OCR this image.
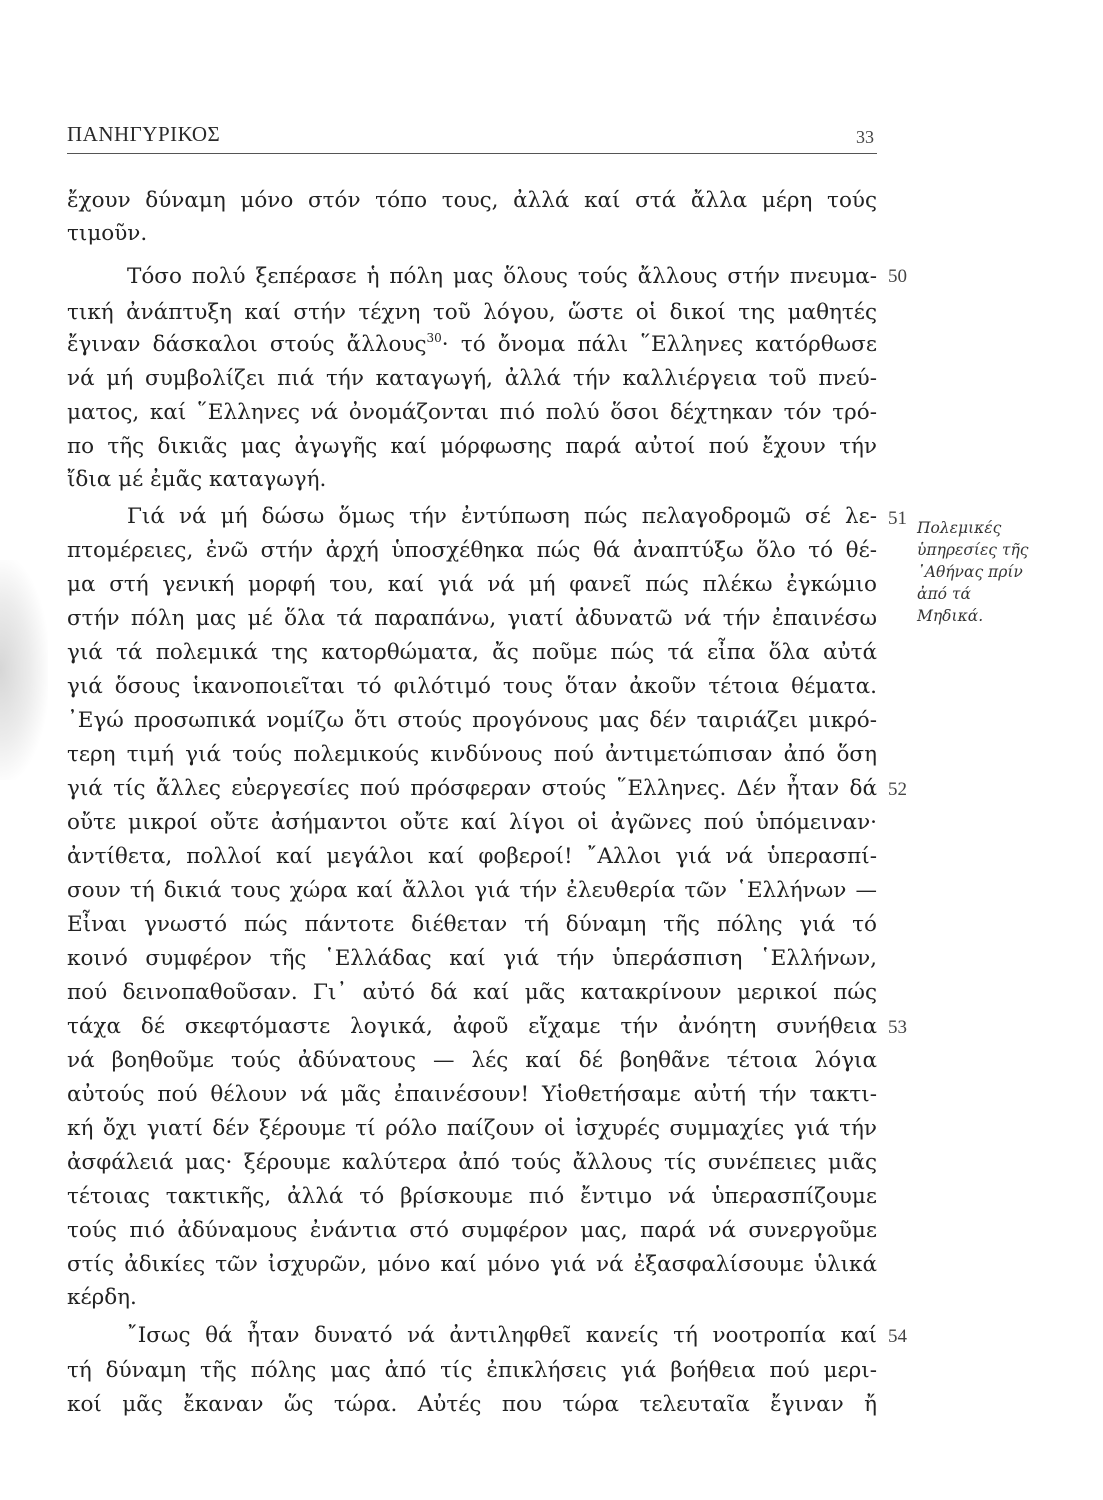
ΠΑΝΗΓΥΡΙΚΟΣ	33
ἔχουν δύναμη μόνο στόν τόπο τους, ἀλλά καί στά ἄλλα μέρη τούς
τιμοῦν.
Τόσο πολύ ξεπέρασε ἡ πόλη μας ὅλους τούς ἄλλους στήν πνευμα-
τική ἀνάπτυξη καί στήν τέχνη τοῦ λόγου, ὥστε οἱ δικοί της μαθητές
ἔγιναν δάσκαλοι στούς ἄλλους$^{30}$· τό ὄνομα πάλι ῞Ελληνες κατόρθωσε
νά μή συμβολίζει πιά τήν καταγωγή, ἀλλά τήν καλλιέργεια τοῦ πνεύ-
ματος, καί ῞Ελληνες νά ὀνομάζονται πιό πολύ ὅσοι δέχτηκαν τόν τρό-
πο τῆς δικιᾶς μας ἀγωγῆς καί μόρφωσης παρά αὐτοί πού ἔχουν τήν
ἴδια μέ ἐμᾶς καταγωγή.
Γιά νά μή δώσω ὅμως τήν ἐντύπωση πώς πελαγοδρομῶ σέ λε-
πτομέρειες, ἐνῶ στήν ἀρχή ὑποσχέθηκα πώς θά ἀναπτύξω ὅλο τό θέ-
μα στή γενική μορφή του, καί γιά νά μή φανεῖ πώς πλέκω ἐγκώμιο
στήν πόλη μας μέ ὅλα τά παραπάνω, γιατί ἀδυνατῶ νά τήν ἐπαινέσω
γιά τά πολεμικά της κατορθώματα, ἄς ποῦμε πώς τά εἶπα ὅλα αὐτά
γιά ὅσους ἱκανοποιεῖται τό φιλότιμό τους ὅταν ἀκοῦν τέτοια θέματα.
᾿Εγώ προσωπικά νομίζω ὅτι στούς προγόνους μας δέν ταιριάζει μικρό-
τερη τιμή γιά τούς πολεμικούς κινδύνους πού ἀντιμετώπισαν ἀπό ὅση
γιά τίς ἄλλες εὐεργεσίες πού πρόσφεραν στούς ῞Ελληνες. Δέν ἦταν δά
οὔτε μικροί οὔτε ἀσήμαντοι οὔτε καί λίγοι οἱ ἀγῶνες πού ὑπόμειναν·
ἀντίθετα, πολλοί καί μεγάλοι καί φοβεροί! ῎Αλλοι γιά νά ὑπερασπί-
σουν τή δικιά τους χώρα καί ἄλλοι γιά τήν ἐλευθερία τῶν ῾Ελλήνων —
Εἶναι γνωστό πώς πάντοτε διέθεταν τή δύναμη τῆς πόλης γιά τό
κοινό συμφέρον τῆς ῾Ελλάδας καί γιά τήν ὑπεράσπιση ῾Ελλήνων,
πού δεινοπαθοῦσαν. Γι᾿ αὐτό δά καί μᾶς κατακρίνουν μερικοί πώς
τάχα δέ σκεφτόμαστε λογικά, ἀφοῦ εἴχαμε τήν ἀνόητη συνήθεια
νά βοηθοῦμε τούς ἀδύνατους — λές καί δέ βοηθᾶνε τέτοια λόγια
αὐτούς πού θέλουν νά μᾶς ἐπαινέσουν! Υἱοθετήσαμε αὐτή τήν τακτι-
κή ὄχι γιατί δέν ξέρουμε τί ρόλο παίζουν οἱ ἰσχυρές συμμαχίες γιά τήν
ἀσφάλειά μας· ξέρουμε καλύτερα ἀπό τούς ἄλλους τίς συνέπειες μιᾶς
τέτοιας τακτικῆς, ἀλλά τό βρίσκουμε πιό ἔντιμο νά ὑπερασπίζουμε
τούς πιό ἀδύναμους ἐνάντια στό συμφέρον μας, παρά νά συνεργοῦμε
στίς ἀδικίες τῶν ἰσχυρῶν, μόνο καί μόνο γιά νά ἐξασφαλίσουμε ὑλικά
κέρδη.
῎Ισως θά ἦταν δυνατό νά ἀντιληφθεῖ κανείς τή νοοτροπία καί
τή δύναμη τῆς πόλης μας ἀπό τίς ἐπικλήσεις γιά βοήθεια πού μερι-
κοί μᾶς ἔκαναν ὥς τώρα. Αὐτές που τώρα τελευταῖα ἔγιναν ἤ
50
51
52
53
54
Πολεμικές
ὑπηρεσίες τῆς
᾿Αθήνας πρίν
ἀπό τά
Μηδικά.
